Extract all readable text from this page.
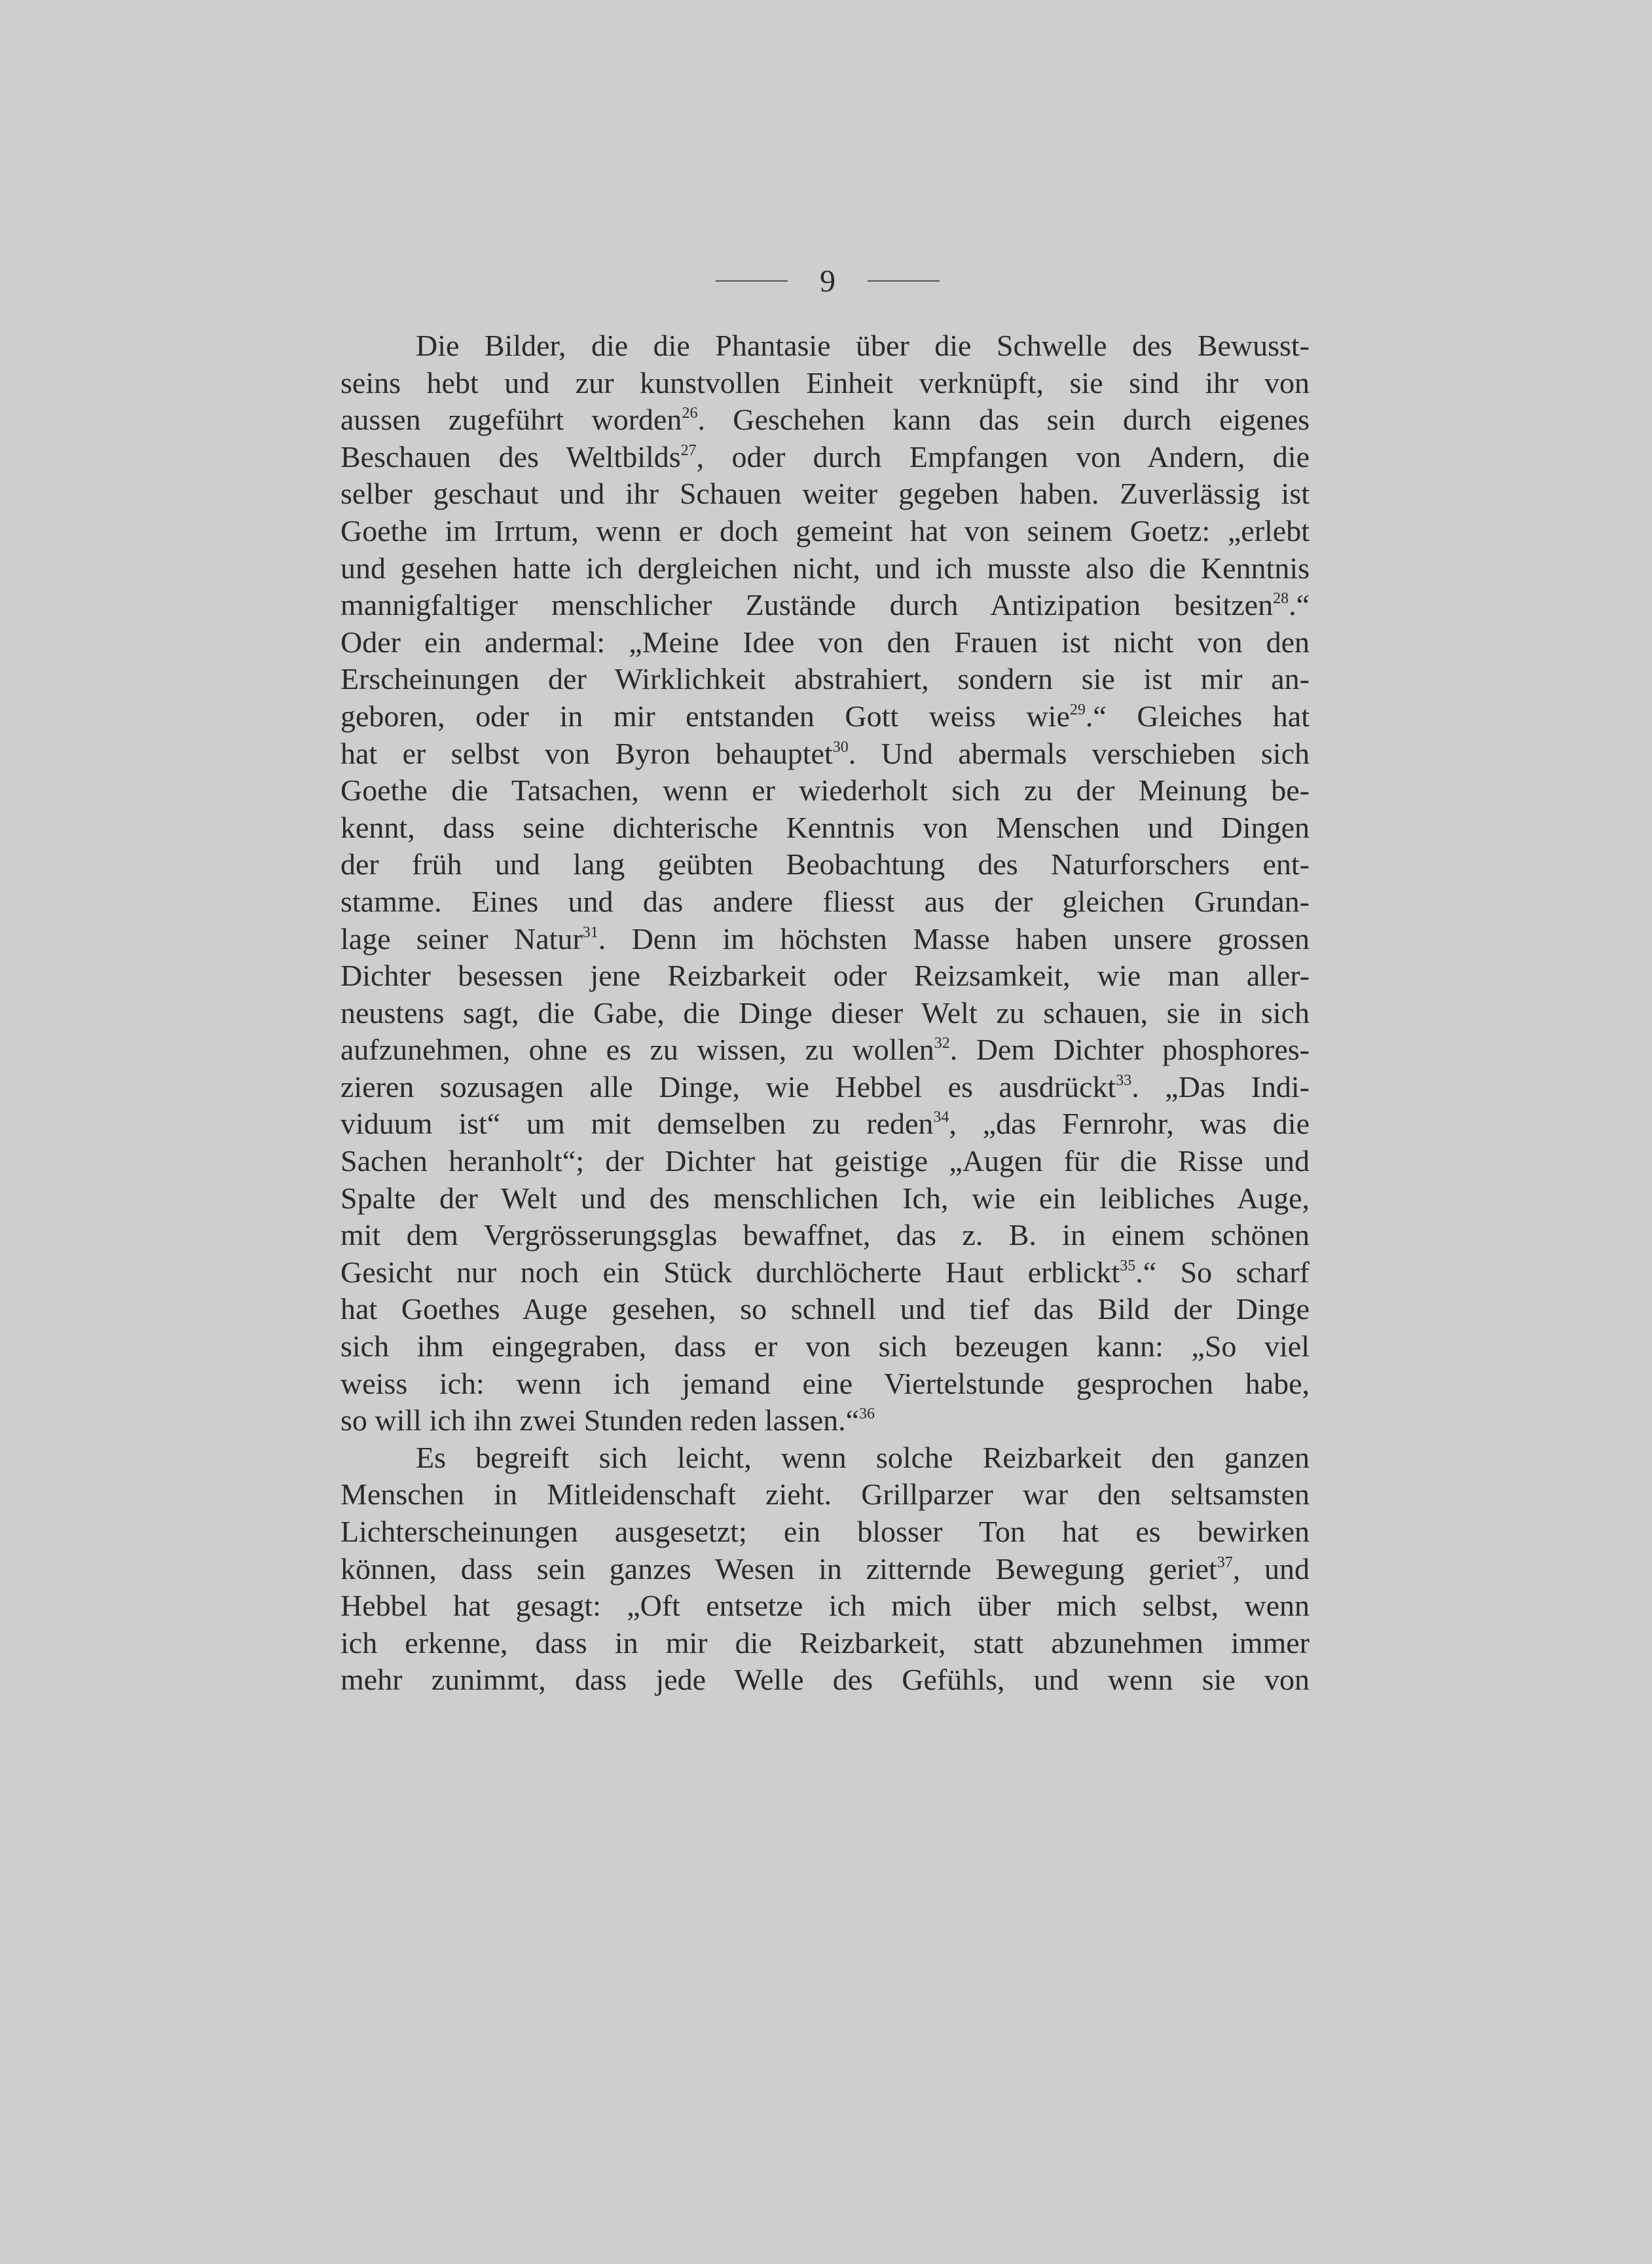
9
Die Bilder, die die Phantasie über die Schwelle des Bewusst-
seins hebt und zur kunstvollen Einheit verknüpft, sie sind ihr von
aussen zugeführt worden$^{26}$. Geschehen kann das sein durch eigenes
Beschauen des Weltbilds$^{27}$, oder durch Empfangen von Andern, die
selber geschaut und ihr Schauen weiter gegeben haben. Zuverlässig ist
Goethe im Irrtum, wenn er doch gemeint hat von seinem Goetz: „erlebt
und gesehen hatte ich dergleichen nicht, und ich musste also die Kenntnis
mannigfaltiger menschlicher Zustände durch Antizipation besitzen$^{28}$.“
Oder ein andermal: „Meine Idee von den Frauen ist nicht von den
Erscheinungen der Wirklichkeit abstrahiert, sondern sie ist mir an-
geboren, oder in mir entstanden Gott weiss wie$^{29}$.“ Gleiches hat
hat er selbst von Byron behauptet$^{30}$. Und abermals verschieben sich
Goethe die Tatsachen, wenn er wiederholt sich zu der Meinung be-
kennt, dass seine dichterische Kenntnis von Menschen und Dingen
der früh und lang geübten Beobachtung des Naturforschers ent-
stamme. Eines und das andere fliesst aus der gleichen Grundan-
lage seiner Natur$^{31}$. Denn im höchsten Masse haben unsere grossen
Dichter besessen jene Reizbarkeit oder Reizsamkeit, wie man aller-
neustens sagt, die Gabe, die Dinge dieser Welt zu schauen, sie in sich
aufzunehmen, ohne es zu wissen, zu wollen$^{32}$. Dem Dichter phosphores-
zieren sozusagen alle Dinge, wie Hebbel es ausdrückt$^{33}$. „Das Indi-
viduum ist“ um mit demselben zu reden$^{34}$, „das Fernrohr, was die
Sachen heranholt“; der Dichter hat geistige „Augen für die Risse und
Spalte der Welt und des menschlichen Ich, wie ein leibliches Auge,
mit dem Vergrösserungsglas bewaffnet, das z. B. in einem schönen
Gesicht nur noch ein Stück durchlöcherte Haut erblickt$^{35}$.“ So scharf
hat Goethes Auge gesehen, so schnell und tief das Bild der Dinge
sich ihm eingegraben, dass er von sich bezeugen kann: „So viel
weiss ich: wenn ich jemand eine Viertelstunde gesprochen habe,
so will ich ihn zwei Stunden reden lassen.“$^{36}$
Es begreift sich leicht, wenn solche Reizbarkeit den ganzen
Menschen in Mitleidenschaft zieht. Grillparzer war den seltsamsten
Lichterscheinungen ausgesetzt; ein blosser Ton hat es bewirken
können, dass sein ganzes Wesen in zitternde Bewegung geriet$^{37}$, und
Hebbel hat gesagt: „Oft entsetze ich mich über mich selbst, wenn
ich erkenne, dass in mir die Reizbarkeit, statt abzunehmen immer
mehr zunimmt, dass jede Welle des Gefühls, und wenn sie von
